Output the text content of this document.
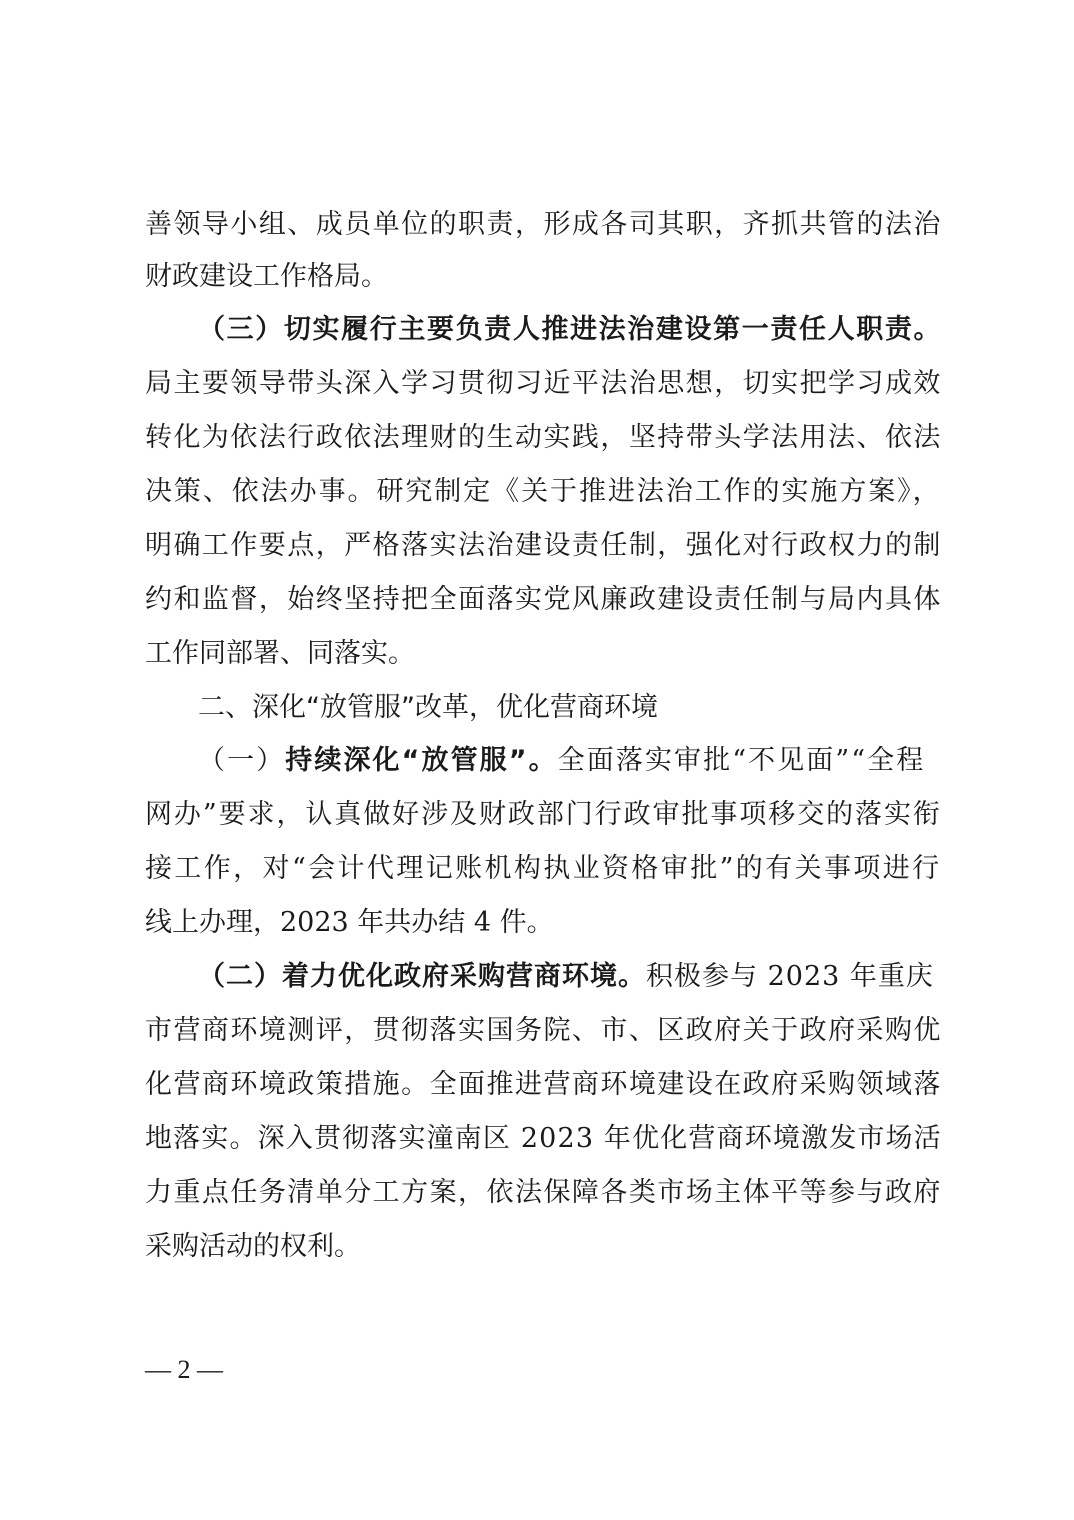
善领导小组、成员单位的职责，形成各司其职，齐抓共管的法治
财政建设工作格局。
（三）切实履行主要负责人推进法治建设第一责任人职责。
局主要领导带头深入学习贯彻习近平法治思想，切实把学习成效
转化为依法行政依法理财的生动实践，坚持带头学法用法、依法
决策、依法办事。研究制定《关于推进法治工作的实施方案》，
明确工作要点，严格落实法治建设责任制，强化对行政权力的制
约和监督，始终坚持把全面落实党风廉政建设责任制与局内具体
工作同部署、同落实。
二、深化“放管服”改革，优化营商环境
（一）持续深化“放管服”。全面落实审批“不见面”“全程
网办”要求，认真做好涉及财政部门行政审批事项移交的落实衔
接工作，对“会计代理记账机构执业资格审批”的有关事项进行
线上办理，2023 年共办结 4 件。
（二）着力优化政府采购营商环境。积极参与 2023 年重庆
市营商环境测评，贯彻落实国务院、市、区政府关于政府采购优
化营商环境政策措施。全面推进营商环境建设在政府采购领域落
地落实。深入贯彻落实潼南区 2023 年优化营商环境激发市场活
力重点任务清单分工方案，依法保障各类市场主体平等参与政府
采购活动的权利。
— 2 —
